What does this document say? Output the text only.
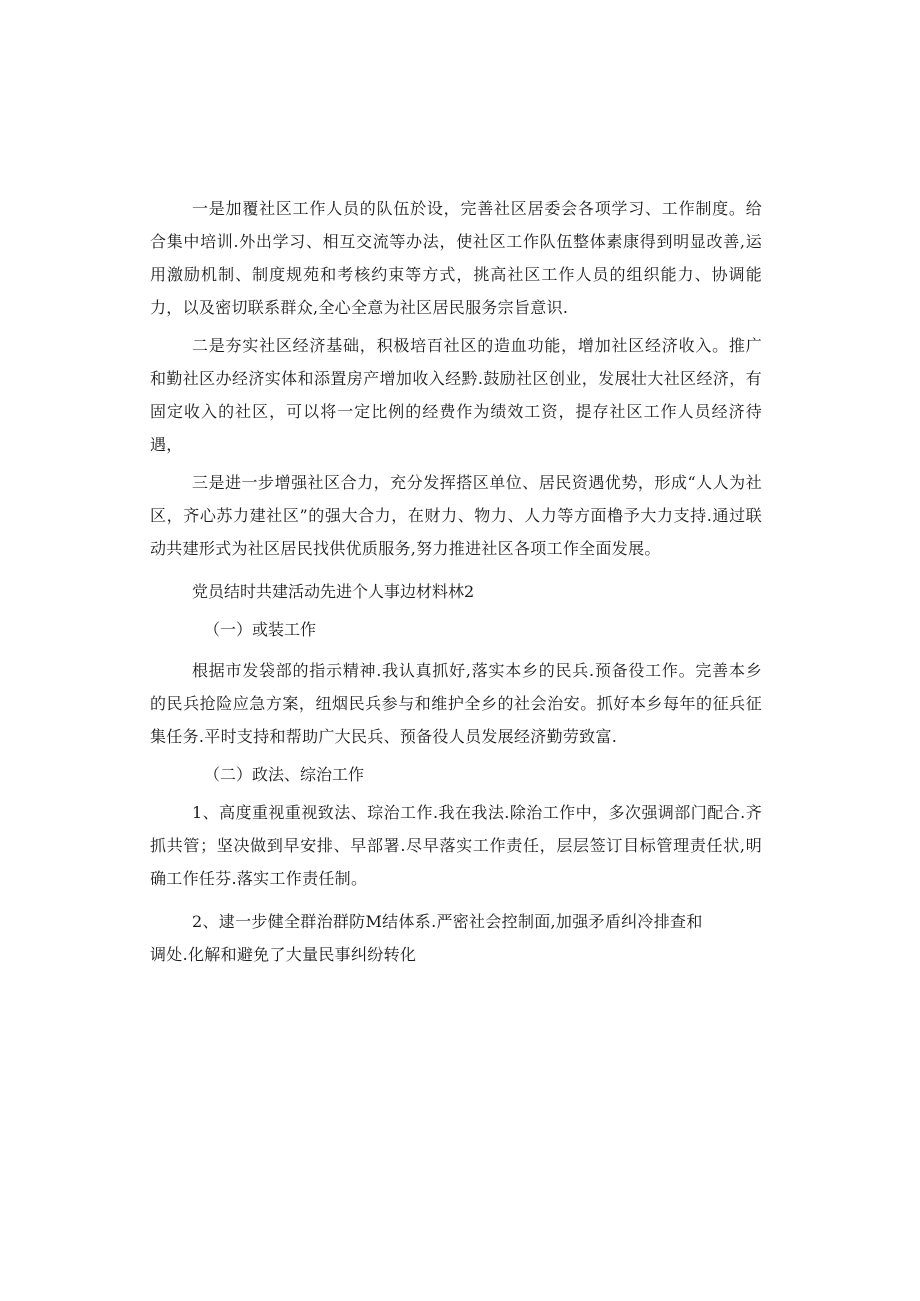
一是加覆社区工作人员的队伍於设，完善社区居委会各项学习、工作制度。给合集中培训.外出学习、相互交流等办法，使社区工作队伍整体素康得到明显改善,运用激励机制、制度规苑和考核约束等方式，挑高社区工作人员的组织能力、协调能力，以及密切联系群众,全心全意为社区居民服务宗旨意识.

二是夯实社区经济基础，积极培百社区的造血功能，增加社区经济收入。推广和勤社区办经济实体和添置房产增加收入经黔.鼓励社区创业，发展壮大社区经济，有固定收入的社区，可以将一定比例的经费作为绩效工资，提存社区工作人员经济待遇，

三是进一步增强社区合力，充分发挥搭区单位、居民资遇优势，形成“人人为社区，齐心苏力建社区”的强大合力，在财力、物力、人力等方面橹予大力支持.通过联动共建形式为社区居民找供优质服务,努力推进社区各项工作全面发展。

党员结时共建活动先进个人事边材料林2

（一）或装工作

根据市发袋部的指示精神.我认真抓好,落实本乡的民兵.预备役工作。完善本乡的民兵抢险应急方案，纽烟民兵参与和维护全乡的社会治安。抓好本乡每年的征兵征集任务.平时支持和帮助广大民兵、预备役人员发展经济勤劳致富.

（二）政法、综治工作

1、高度重视重视致法、琮治工作.我在我法.除治工作中，多次强调部门配合.齐抓共管；坚决做到早安排、早部署.尽早落实工作责任，层层签订目标管理责任状,明确工作任芬.落实工作责任制。

2、逮一步健全群治群防M结体系.严密社会控制面,加强矛盾纠冷排查和
调处.化解和避免了大量民事纠纷转化
